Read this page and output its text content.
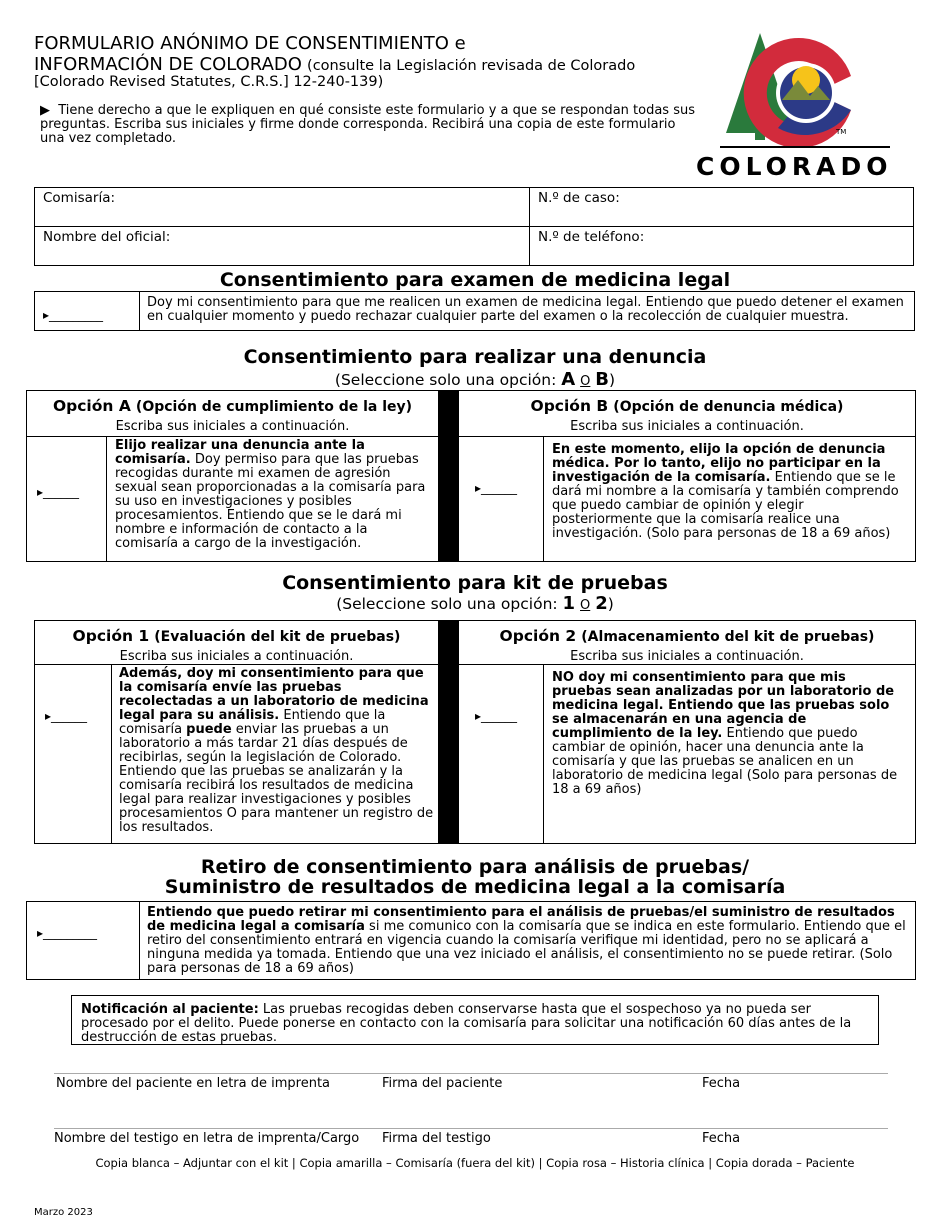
FORMULARIO ANÓNIMO DE CONSENTIMIENTO e
INFORMACIÓN DE COLORADO (consulte la Legislación revisada de Colorado
[Colorado Revised Statutes, C.R.S.] 12-240-139)
▶  Tiene derecho a que le expliquen en qué consiste este formulario y a que se respondan todas sus preguntas. Escriba sus iniciales y firme donde corresponda. Recibirá una copia de este formulario una vez completado.	TM
COLORADO
Comisaría:	N.º de caso:
Nombre del oficial:	N.º de teléfono:
Consentimiento para examen de medicina legal
▸_________
Doy mi consentimiento para que me realicen un examen de medicina legal. Entiendo que puedo detener el examen en cualquier momento y puedo rechazar cualquier parte del examen o la recolección de cualquier muestra.
Consentimiento para realizar una denuncia
(Seleccione solo una opción: A O B)
Opción A (Opción de cumplimiento de la ley)
Escriba sus iniciales a continuación.
▸______
Elijo realizar una denuncia ante la comisaría. Doy permiso para que las pruebas recogidas durante mi examen de agresión sexual sean proporcionadas a la comisaría para su uso en investigaciones y posibles procesamientos. Entiendo que se le dará mi nombre e información de contacto a la comisaría a cargo de la investigación.
Opción B (Opción de denuncia médica)
Escriba sus iniciales a continuación.
▸______
En este momento, elijo la opción de denuncia médica. Por lo tanto, elijo no participar en la investigación de la comisaría. Entiendo que se le dará mi nombre a la comisaría y también comprendo que puedo cambiar de opinión y elegir posteriormente que la comisaría realice una investigación. (Solo para personas de 18 a 69 años)
Consentimiento para kit de pruebas
(Seleccione solo una opción: 1 O 2)
Opción 1 (Evaluación del kit de pruebas)
Escriba sus iniciales a continuación.
▸______
Además, doy mi consentimiento para que la comisaría envíe las pruebas recolectadas a un laboratorio de medicina legal para su análisis. Entiendo que la comisaría puede enviar las pruebas a un laboratorio a más tardar 21 días después de recibirlas, según la legislación de Colorado. Entiendo que las pruebas se analizarán y la comisaría recibirá los resultados de medicina legal para realizar investigaciones y posibles procesamientos O para mantener un registro de los resultados.
Opción 2 (Almacenamiento del kit de pruebas)
Escriba sus iniciales a continuación.
▸______
NO doy mi consentimiento para que mis pruebas sean analizadas por un laboratorio de medicina legal. Entiendo que las pruebas solo se almacenarán en una agencia de cumplimiento de la ley. Entiendo que puedo cambiar de opinión, hacer una denuncia ante la comisaría y que las pruebas se analicen en un laboratorio de medicina legal (Solo para personas de 18 a 69 años)
Retiro de consentimiento para análisis de pruebas/
Suministro de resultados de medicina legal a la comisaría
▸_________
Entiendo que puedo retirar mi consentimiento para el análisis de pruebas/el suministro de resultados de medicina legal a comisaría si me comunico con la comisaría que se indica en este formulario. Entiendo que el retiro del consentimiento entrará en vigencia cuando la comisaría verifique mi identidad, pero no se aplicará a ninguna medida ya tomada. Entiendo que una vez iniciado el análisis, el consentimiento no se puede retirar. (Solo para personas de 18 a 69 años)
Notificación al paciente: Las pruebas recogidas deben conservarse hasta que el sospechoso ya no pueda ser procesado por el delito. Puede ponerse en contacto con la comisaría para solicitar una notificación 60 días antes de la destrucción de estas pruebas.
Nombre del paciente en letra de imprenta	Firma del paciente	Fecha
Nombre del testigo en letra de imprenta/Cargo Firma del testigo	Fecha
Copia blanca – Adjuntar con el kit | Copia amarilla – Comisaría (fuera del kit) | Copia rosa – Historia clínica | Copia dorada – Paciente
Marzo 2023
